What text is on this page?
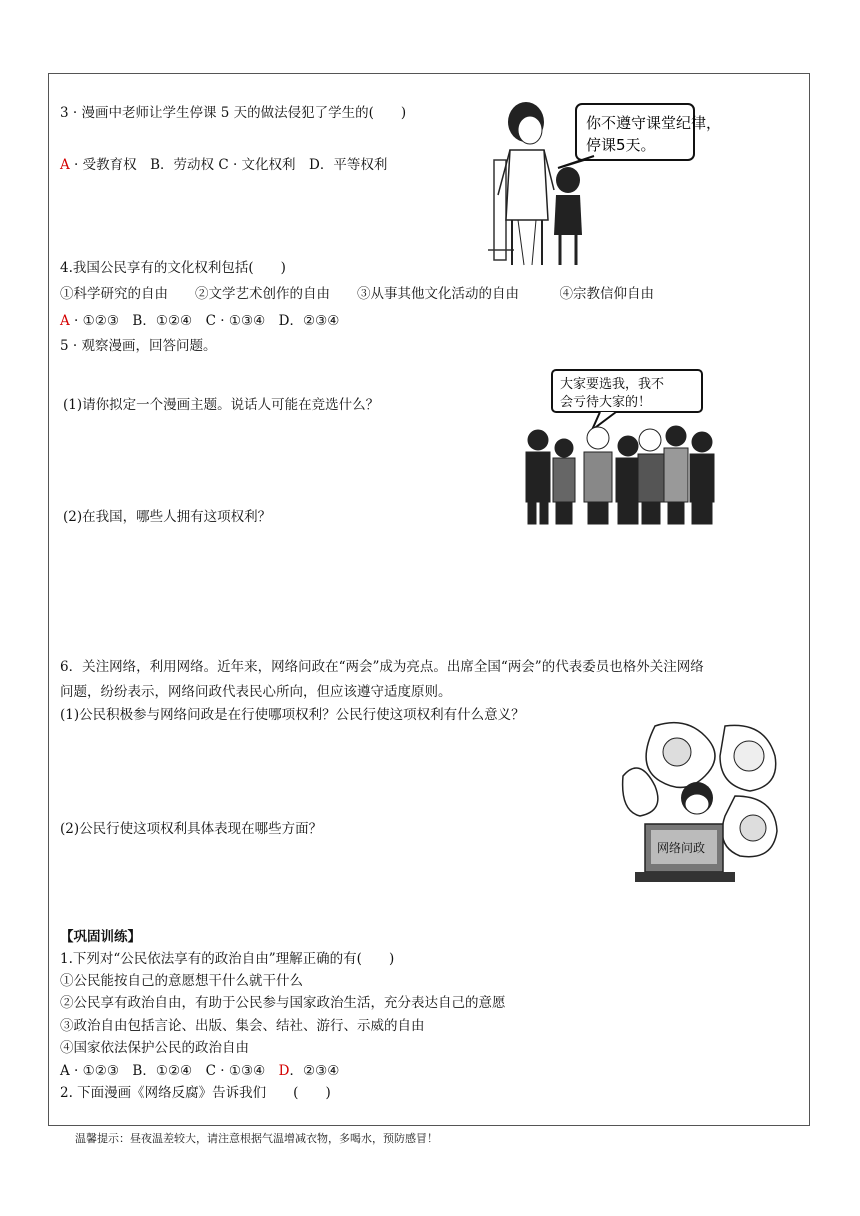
3 · 漫画中老师让学生停课 5 天的做法侵犯了学生的(　　)
A · 受教育权　B．劳动权 C · 文化权利　D．平等权利
你不遵守课堂纪律，
停课5天。
4.我国公民享有的文化权利包括(　　)
①科学研究的自由　　②文学艺术创作的自由　　③从事其他文化活动的自由　　　④宗教信仰自由
A · ①②③　B．①②④　C · ①③④　D．②③④
5 · 观察漫画，回答问题。
(1)请你拟定一个漫画主题。说话人可能在竞选什么？
(2)在我国，哪些人拥有这项权利？
大家要选我，我不
会亏待大家的！
6．关注网络，利用网络。近年来，网络问政在“两会”成为亮点。出席全国“两会”的代表委员也格外关注网络
问题，纷纷表示，网络问政代表民心所向，但应该遵守适度原则。
(1)公民积极参与网络问政是在行使哪项权利？公民行使这项权利有什么意义？
(2)公民行使这项权利具体表现在哪些方面？
网络问政
【巩固训练】
1.下列对“公民依法享有的政治自由”理解正确的有(　　)
①公民能按自己的意愿想干什么就干什么
②公民享有政治自由，有助于公民参与国家政治生活，充分表达自己的意愿
③政治自由包括言论、出版、集会、结社、游行、示威的自由
④国家依法保护公民的政治自由
A · ①②③　B．①②④　C · ①③④　D．②③④
2. 下面漫画《网络反腐》告诉我们　　(　　)
温馨提示：昼夜温差较大，请注意根据气温增减衣物，多喝水，预防感冒！
